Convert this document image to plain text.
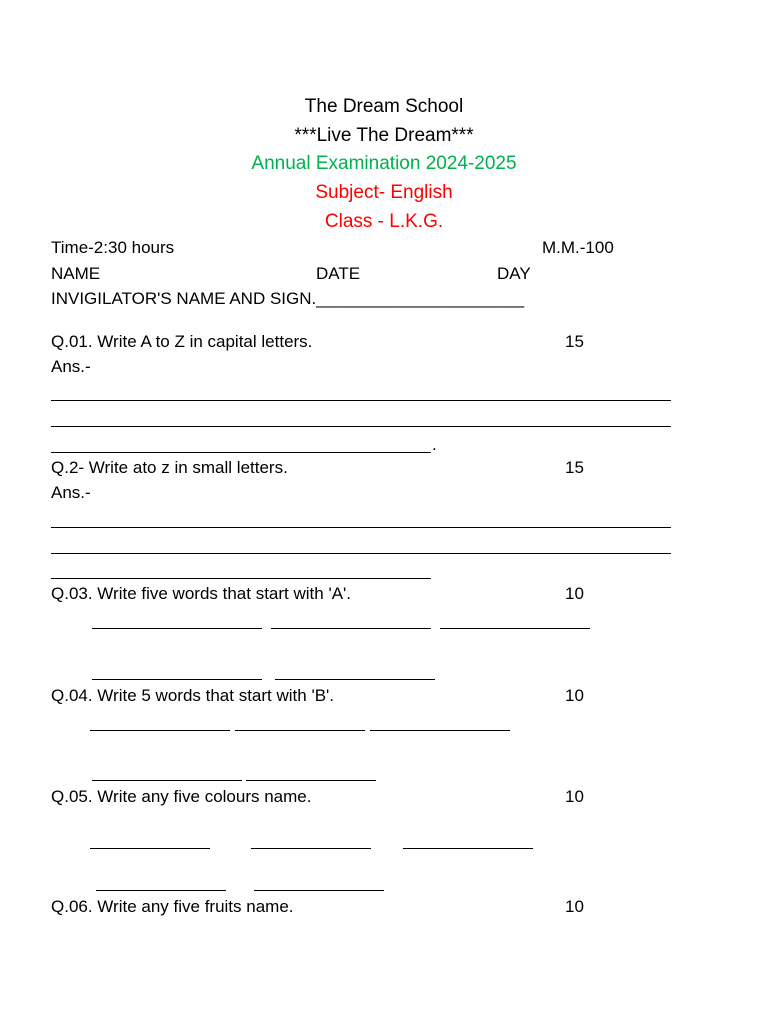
The Dream School
***Live The Dream***
Annual Examination 2024-2025
Subject- English
Class - L.K.G.
Time-2:30 hours	M.M.-100
NAME	DATE	DAY
INVIGILATOR'S NAME AND SIGN.______________________
Q.01. Write A to Z in capital letters.	15
Ans.-
.
Q.2- Write ato z in small letters.	15
Ans.-
Q.03. Write five words that start with 'A'.	10
Q.04. Write 5 words that start with 'B'.	10
Q.05. Write any five colours name.	10
Q.06. Write any five fruits name.	10
